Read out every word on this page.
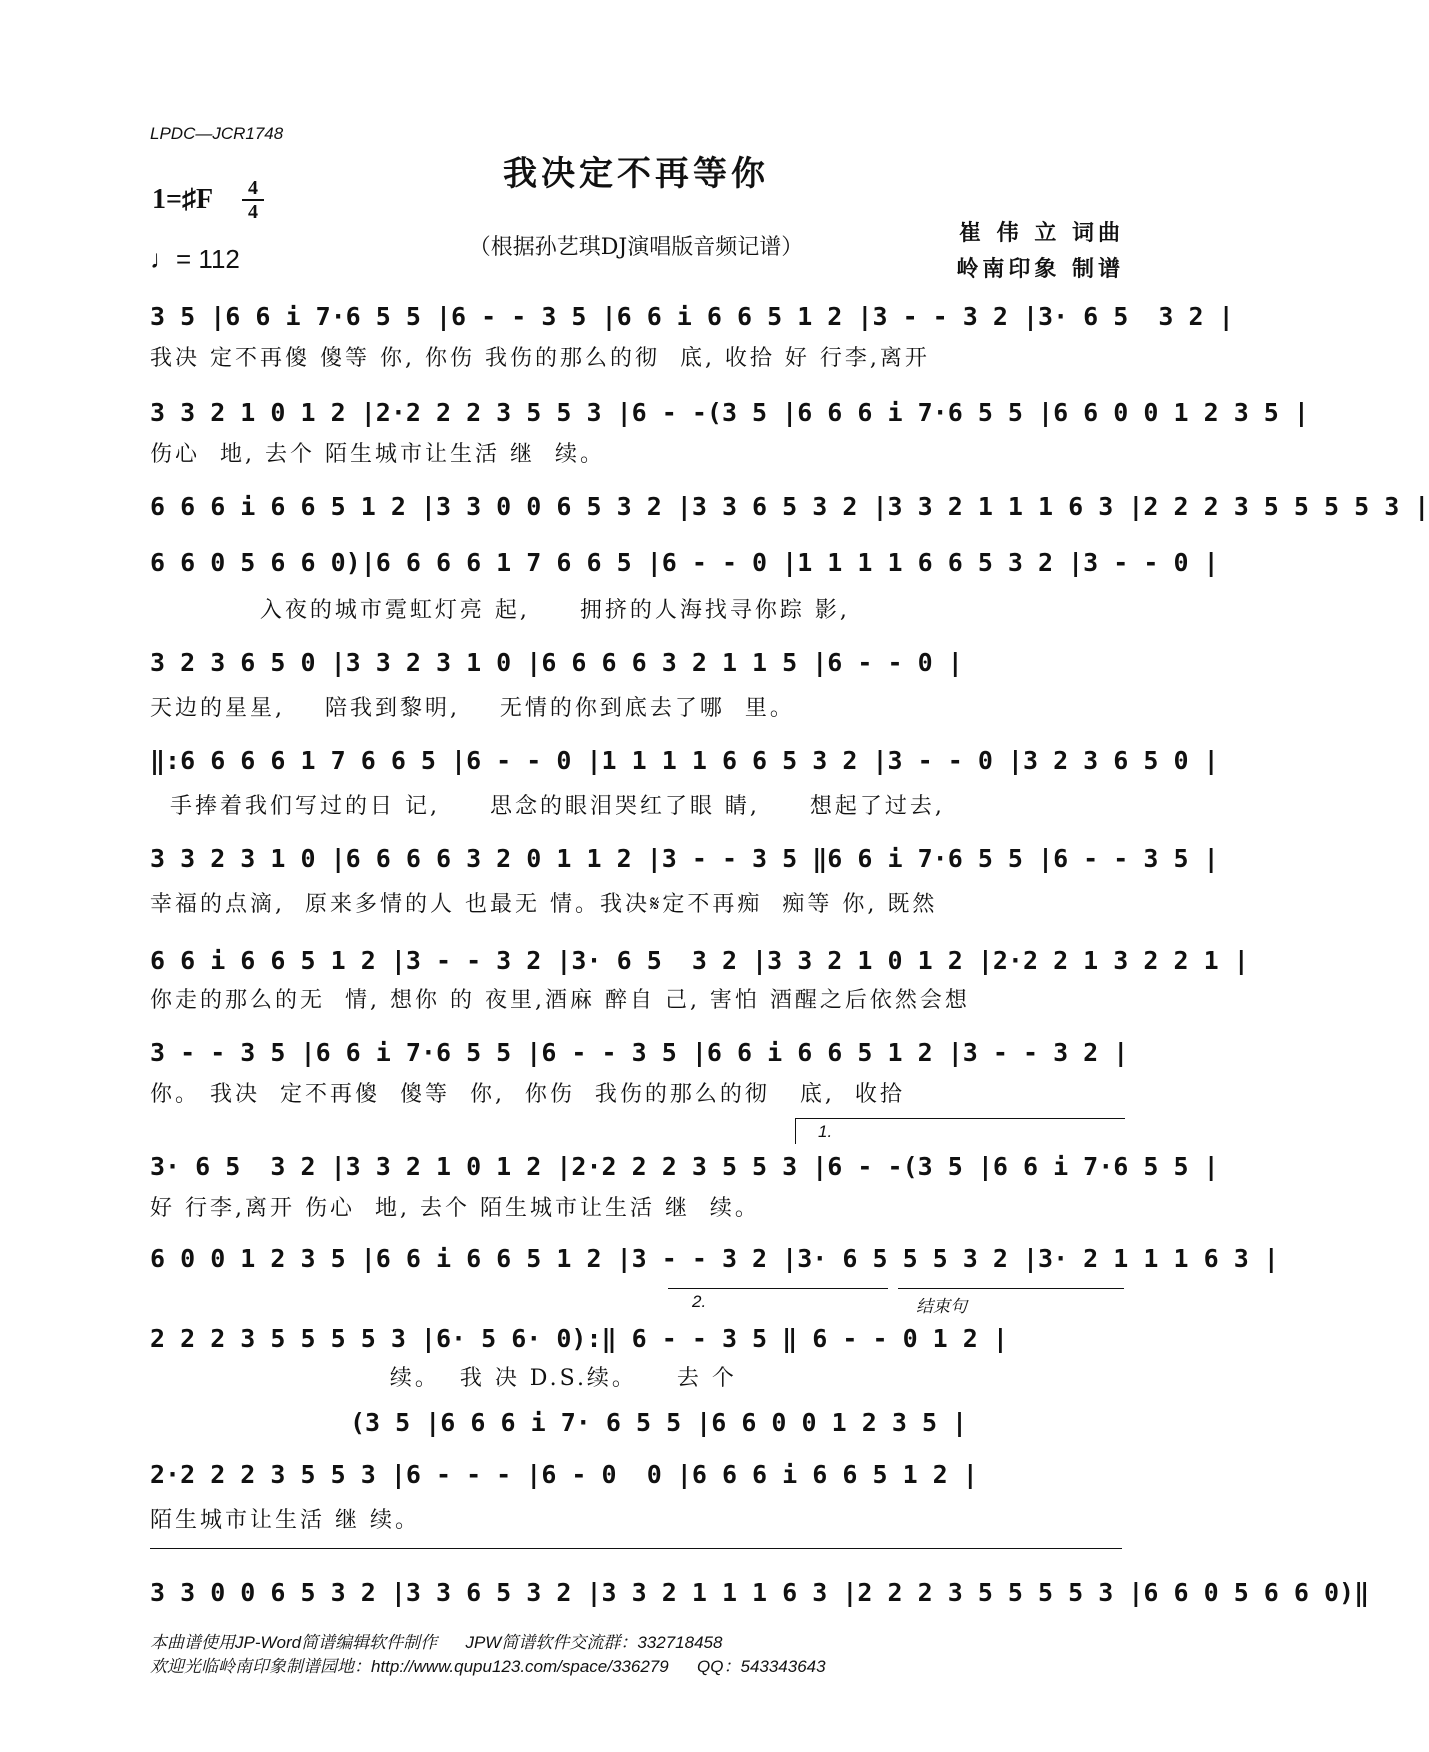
LPDC—JCR1748
我决定不再等你
1=♯F	4
4
♩= 112	（根据孙艺琪DJ演唱版音频记谱）
崔 伟 立 词曲
岭南印象 制谱
3 5 |6 6 i 7·6 5 5 |6 - - 3 5 |6 6 i 6 6 5 1 2 |3 - - 3 2 |3· 6 5  3 2 |
我决 定不再傻 傻等 你, 你伤 我伤的那么的彻  底, 收拾 好 行李,离开
3 3 2 1 0 1 2 |2·2 2 2 3 5 5 3 |6 - -(3 5 |6 6 6 i 7·6 5 5 |6 6 0 0 1 2 3 5 |
伤心  地, 去个 陌生城市让生活 继  续。
6 6 6 i 6 6 5 1 2 |3 3 0 0 6 5 3 2 |3 3 6 5 3 2 |3 3 2 1 1 1 6 3 |2 2 2 3 5 5 5 5 3 |
6 6 0 5 6 6 0)|6 6 6 6 1 7 6 6 5 |6 - - 0 |1 1 1 1 6 6 5 3 2 |3 - - 0 |
入夜的城市霓虹灯亮 起,     拥挤的人海找寻你踪 影,
3 2 3 6 5 0 |3 3 2 3 1 0 |6 6 6 6 3 2 1 1 5 |6 - - 0 |
天边的星星,    陪我到黎明,    无情的你到底去了哪  里。
‖:6 6 6 6 1 7 6 6 5 |6 - - 0 |1 1 1 1 6 6 5 3 2 |3 - - 0 |3 2 3 6 5 0 |
手捧着我们写过的日 记,     思念的眼泪哭红了眼 睛,     想起了过去,
3 3 2 3 1 0 |6 6 6 6 3 2 0 1 1 2 |3 - - 3 5 ‖6 6 i 7·6 5 5 |6 - - 3 5 |
幸福的点滴,  原来多情的人 也最无 情。我决𝄋定不再痴  痴等 你, 既然
6 6 i 6 6 5 1 2 |3 - - 3 2 |3· 6 5  3 2 |3 3 2 1 0 1 2 |2·2 2 1 3 2 2 1 |
你走的那么的无  情, 想你 的 夜里,酒麻 醉自 己, 害怕 酒醒之后依然会想
3 - - 3 5 |6 6 i 7·6 5 5 |6 - - 3 5 |6 6 i 6 6 5 1 2 |3 - - 3 2 |
你。 我决  定不再傻  傻等  你,  你伤  我伤的那么的彻   底,  收拾
1.
3· 6 5  3 2 |3 3 2 1 0 1 2 |2·2 2 2 3 5 5 3 |6 - -(3 5 |6 6 i 7·6 5 5 |
好 行李,离开 伤心  地, 去个 陌生城市让生活 继  续。
6 0 0 1 2 3 5 |6 6 i 6 6 5 1 2 |3 - - 3 2 |3· 6 5 5 5 3 2 |3· 2 1 1 1 6 3 |
2.	结束句
2 2 2 3 5 5 5 5 3 |6· 5 6· 0):‖ 6 - - 3 5 ‖ 6 - - 0 1 2 |
续。  我 决 D.S.续。    去 个
(3 5 |6 6 6 i 7· 6 5 5 |6 6 0 0 1 2 3 5 |
2·2 2 2 3 5 5 3 |6 - - - |6 - 0  0 |6 6 6 i 6 6 5 1 2 |
陌生城市让生活 继 续。
3 3 0 0 6 5 3 2 |3 3 6 5 3 2 |3 3 2 1 1 1 6 3 |2 2 2 3 5 5 5 5 3 |6 6 0 5 6 6 0)‖
本曲谱使用JP-Word简谱编辑软件制作      JPW简谱软件交流群：332718458
欢迎光临岭南印象制谱园地：http://www.qupu123.com/space/336279      QQ：543343643
